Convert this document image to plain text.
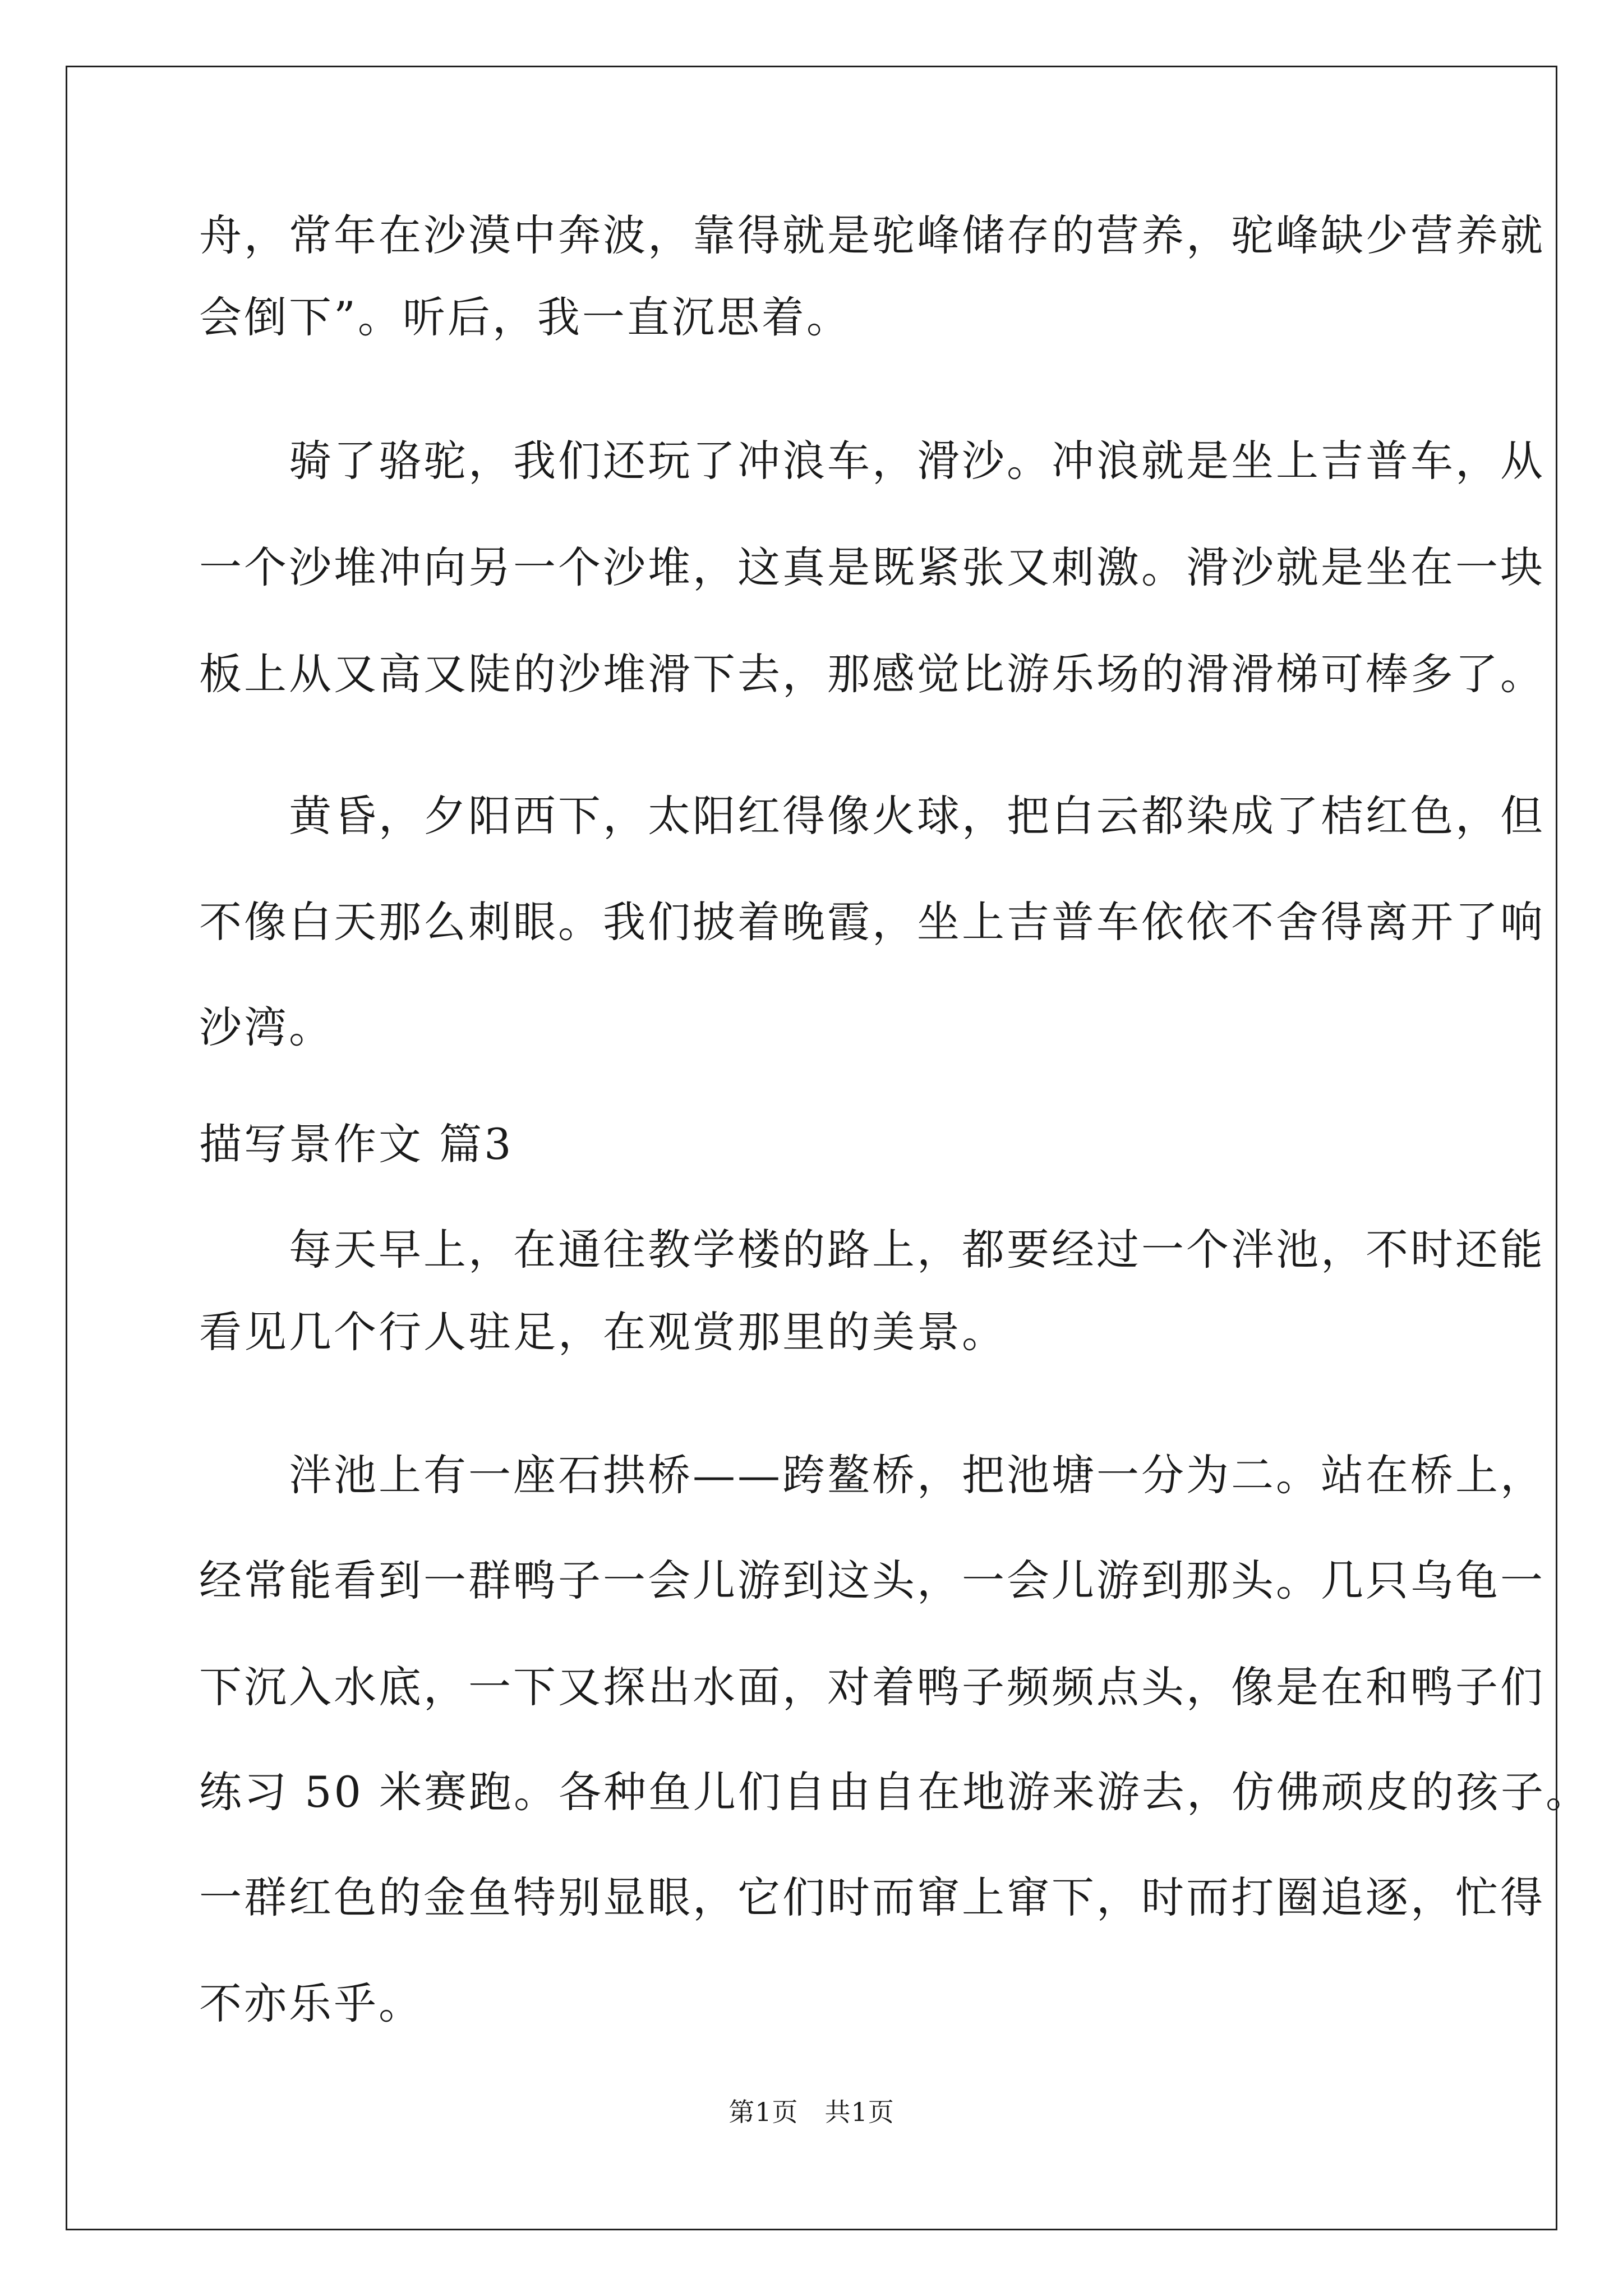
舟，常年在沙漠中奔波，靠得就是驼峰储存的营养，驼峰缺少营养就
会倒下”。听后，我一直沉思着。
　　骑了骆驼，我们还玩了冲浪车，滑沙。冲浪就是坐上吉普车，从
一个沙堆冲向另一个沙堆，这真是既紧张又刺激。滑沙就是坐在一块
板上从又高又陡的沙堆滑下去，那感觉比游乐场的滑滑梯可棒多了。
　　黄昏，夕阳西下，太阳红得像火球，把白云都染成了桔红色，但
不像白天那么刺眼。我们披着晚霞，坐上吉普车依依不舍得离开了响
沙湾。
描写景作文 篇3
　　每天早上，在通往教学楼的路上，都要经过一个泮池，不时还能
看见几个行人驻足，在观赏那里的美景。
　　泮池上有一座石拱桥——跨鳌桥，把池塘一分为二。站在桥上，
经常能看到一群鸭子一会儿游到这头，一会儿游到那头。几只乌龟一
下沉入水底，一下又探出水面，对着鸭子频频点头，像是在和鸭子们
练习 50 米赛跑。各种鱼儿们自由自在地游来游去，仿佛顽皮的孩子。
一群红色的金鱼特别显眼，它们时而窜上窜下，时而打圈追逐，忙得
不亦乐乎。
第1页　共1页
